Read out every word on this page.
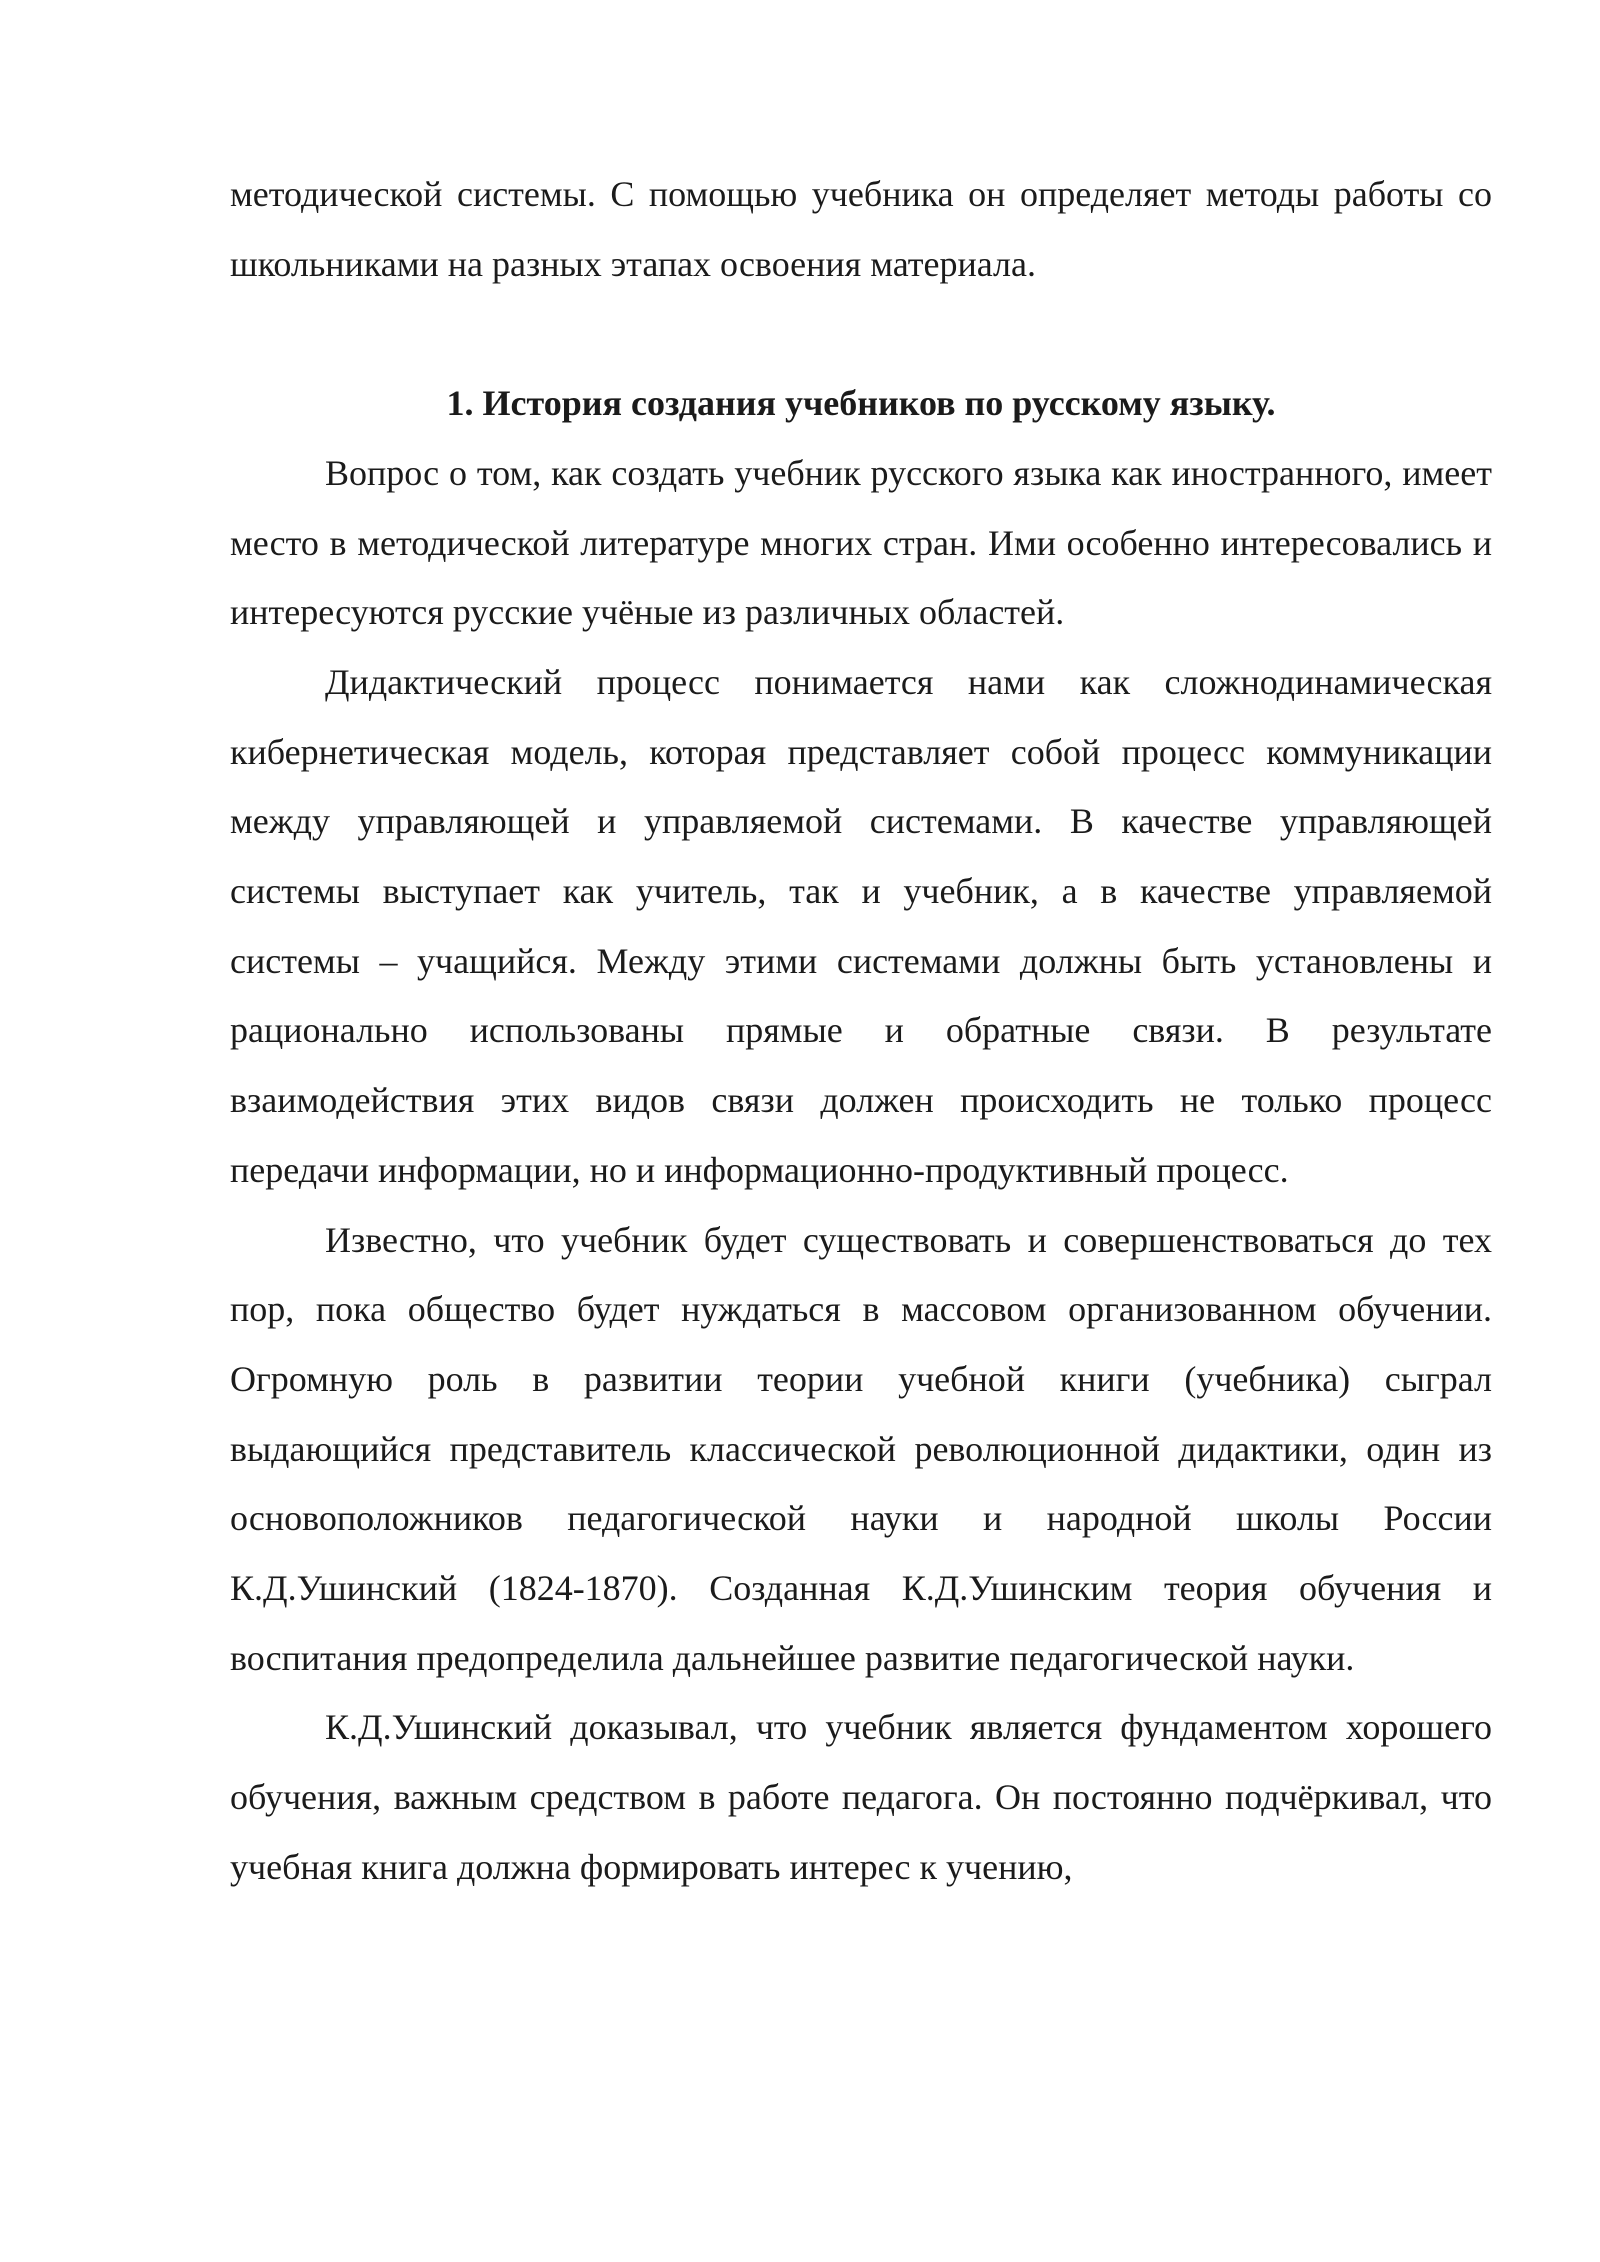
методической системы. С помощью учебника он определяет методы работы со школьниками на разных этапах освоения материала.

1. История создания учебников по русскому языку.

Вопрос о том, как создать учебник русского языка как иностранного, имеет место в методической литературе многих стран. Ими особенно интересовались и интересуются русские учёные из различных областей.

Дидактический процесс понимается нами как сложнодинамическая кибернетическая модель, которая представляет собой процесс коммуникации между управляющей и управляемой системами. В качестве управляющей системы выступает как учитель, так и учебник, а в качестве управляемой системы – учащийся. Между этими системами должны быть установлены и рационально использованы прямые и обратные связи. В результате взаимодействия этих видов связи должен происходить не только процесс передачи информации, но и информационно-продуктивный процесс.

Известно, что учебник будет существовать и совершенствоваться до тех пор, пока общество будет нуждаться в массовом организованном обучении. Огромную роль в развитии теории учебной книги (учебника) сыграл выдающийся представитель классической революционной дидактики, один из основоположников педагогической науки и народной школы России К.Д.Ушинский (1824-1870). Созданная К.Д.Ушинским теория обучения и воспитания предопределила дальнейшее развитие педагогической науки.

К.Д.Ушинский доказывал, что учебник является фундаментом хорошего обучения, важным средством в работе педагога. Он постоянно подчёркивал, что учебная книга должна формировать интерес к учению,
